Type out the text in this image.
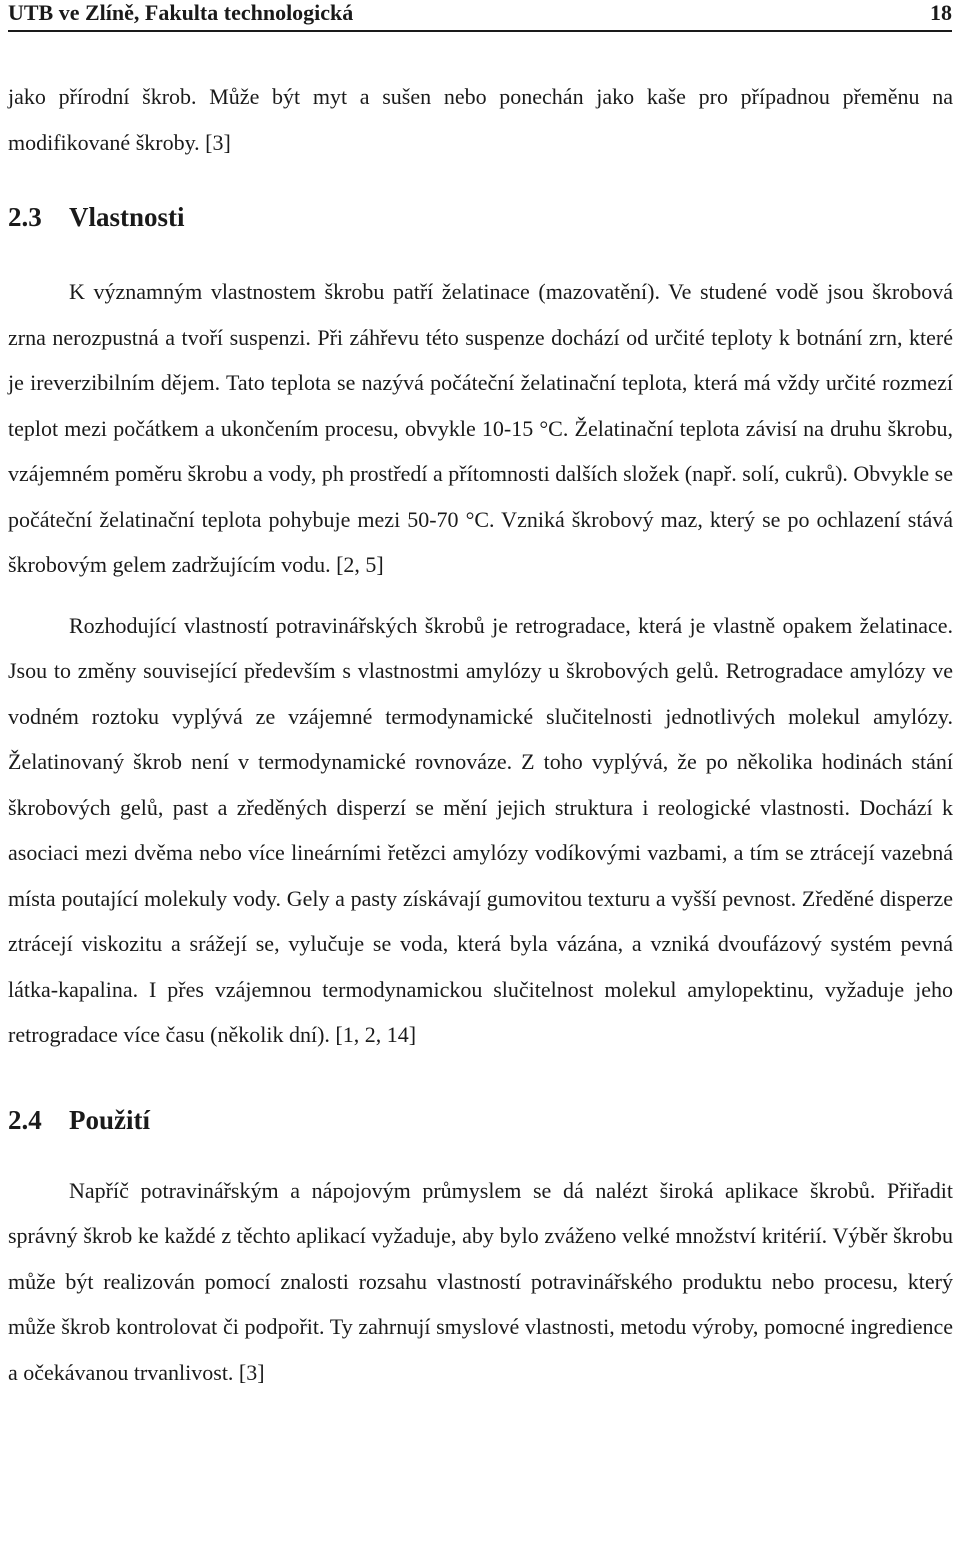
UTB ve Zlíně, Fakulta technologická	18

jako přírodní škrob. Může být myt a sušen nebo ponechán jako kaše pro případnou přeměnu na modifikované škroby. [3]

2.3 Vlastnosti

K významným vlastnostem škrobu patří želatinace (mazovatění). Ve studené vodě jsou škrobová zrna nerozpustná a tvoří suspenzi. Při záhřevu této suspenze dochází od určité teploty k botnání zrn, které je ireverzibilním dějem. Tato teplota se nazývá počáteční želatinační teplota, která má vždy určité rozmezí teplot mezi počátkem a ukončením procesu, obvykle 10-15 °C. Želatinační teplota závisí na druhu škrobu, vzájemném poměru škrobu a vody, ph prostředí a přítomnosti dalších složek (např. solí, cukrů). Obvykle se počáteční želatinační teplota pohybuje mezi 50-70 °C. Vzniká škrobový maz, který se po ochlazení stává škrobovým gelem zadržujícím vodu. [2, 5]

Rozhodující vlastností potravinářských škrobů je retrogradace, která je vlastně opakem želatinace. Jsou to změny související především s vlastnostmi amylózy u škrobových gelů. Retrogradace amylózy ve vodném roztoku vyplývá ze vzájemné termodynamické slučitelnosti jednotlivých molekul amylózy. Želatinovaný škrob není v termodynamické rovnováze. Z toho vyplývá, že po několika hodinách stání škrobových gelů, past a zředěných disperzí se mění jejich struktura i reologické vlastnosti. Dochází k asociaci mezi dvěma nebo více lineárními řetězci amylózy vodíkovými vazbami, a tím se ztrácejí vazebná místa poutající molekuly vody. Gely a pasty získávají gumovitou texturu a vyšší pevnost. Zředěné disperze ztrácejí viskozitu a srážejí se, vylučuje se voda, která byla vázána, a vzniká dvoufázový systém pevná látka-kapalina. I přes vzájemnou termodynamickou slučitelnost molekul amylopektinu, vyžaduje jeho retrogradace více času (několik dní). [1, 2, 14]

2.4 Použití

Napříč potravinářským a nápojovým průmyslem se dá nalézt široká aplikace škrobů. Přiřadit správný škrob ke každé z těchto aplikací vyžaduje, aby bylo zváženo velké množství kritérií. Výběr škrobu může být realizován pomocí znalosti rozsahu vlastností potravinářského produktu nebo procesu, který může škrob kontrolovat či podpořit. Ty zahrnují smyslové vlastnosti, metodu výroby, pomocné ingredience a očekávanou trvanlivost. [3]
